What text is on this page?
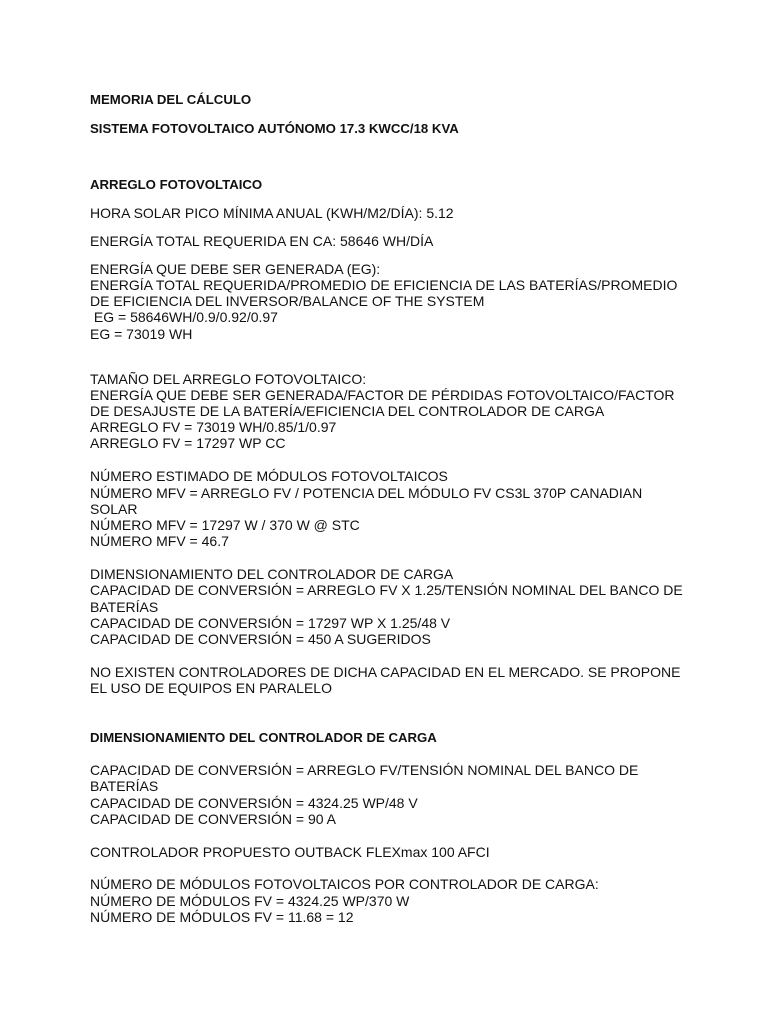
MEMORIA DEL CÁLCULO
SISTEMA FOTOVOLTAICO AUTÓNOMO 17.3 KWCC/18 KVA
ARREGLO FOTOVOLTAICO
HORA SOLAR PICO MÍNIMA ANUAL (KWH/M2/DÍA): 5.12
ENERGÍA TOTAL REQUERIDA EN CA: 58646 WH/DÍA
ENERGÍA QUE DEBE SER GENERADA (EG):
ENERGÍA TOTAL REQUERIDA/PROMEDIO DE EFICIENCIA DE LAS BATERÍAS/PROMEDIO
DE EFICIENCIA DEL INVERSOR/BALANCE OF THE SYSTEM
EG = 58646WH/0.9/0.92/0.97
EG = 73019 WH
TAMAÑO DEL ARREGLO FOTOVOLTAICO:
ENERGÍA QUE DEBE SER GENERADA/FACTOR DE PÉRDIDAS FOTOVOLTAICO/FACTOR
DE DESAJUSTE DE LA BATERÍA/EFICIENCIA DEL CONTROLADOR DE CARGA
ARREGLO FV = 73019 WH/0.85/1/0.97
ARREGLO FV = 17297 WP CC
NÚMERO ESTIMADO DE MÓDULOS FOTOVOLTAICOS
NÚMERO MFV = ARREGLO FV / POTENCIA DEL MÓDULO FV CS3L 370P CANADIAN
SOLAR
NÚMERO MFV = 17297 W / 370 W @ STC
NÚMERO MFV = 46.7
DIMENSIONAMIENTO DEL CONTROLADOR DE CARGA
CAPACIDAD DE CONVERSIÓN = ARREGLO FV X 1.25/TENSIÓN NOMINAL DEL BANCO DE
BATERÍAS
CAPACIDAD DE CONVERSIÓN = 17297 WP X 1.25/48 V
CAPACIDAD DE CONVERSIÓN = 450 A SUGERIDOS
NO EXISTEN CONTROLADORES DE DICHA CAPACIDAD EN EL MERCADO. SE PROPONE
EL USO DE EQUIPOS EN PARALELO
DIMENSIONAMIENTO DEL CONTROLADOR DE CARGA
CAPACIDAD DE CONVERSIÓN = ARREGLO FV/TENSIÓN NOMINAL DEL BANCO DE
BATERÍAS
CAPACIDAD DE CONVERSIÓN = 4324.25 WP/48 V
CAPACIDAD DE CONVERSIÓN = 90 A
CONTROLADOR PROPUESTO OUTBACK FLEXmax 100 AFCI
NÚMERO DE MÓDULOS FOTOVOLTAICOS POR CONTROLADOR DE CARGA:
NÚMERO DE MÓDULOS FV = 4324.25 WP/370 W
NÚMERO DE MÓDULOS FV = 11.68 = 12
